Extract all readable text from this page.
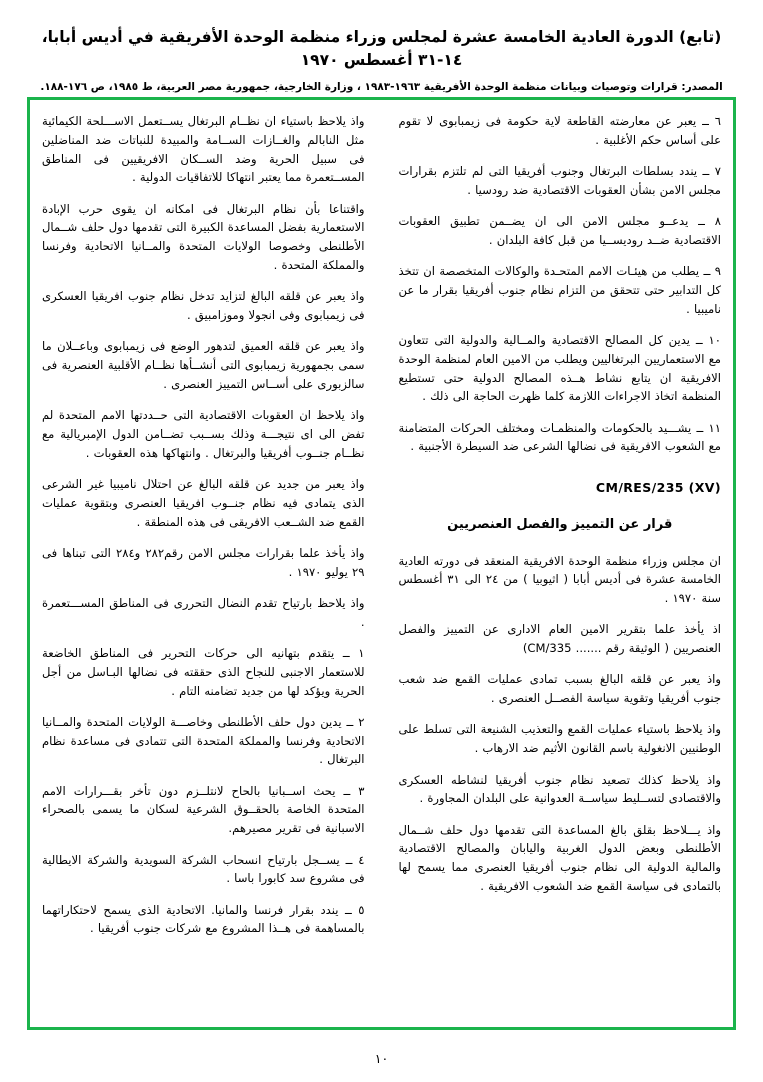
(تابع) الدورة العادية الخامسة عشرة لمجلس وزراء منظمة الوحدة الأفريقية في أديس أبابا، ١٤-٣١ أغسطس ١٩٧٠
المصدر: قرارات وتوصيات وبيانات منظمة الوحدة الأفريقية ١٩٦٣-١٩٨٣ ، وزارة الخارجية، جمهورية مصر العربية، ط ١٩٨٥، ص ١٧٦-١٨٨.

٦ ــ يعبر عن معارضته القاطعة لاية حكومة فى زيمبابوى لا تقوم على أساس حكم الأغلبية .

٧ ــ يندد بسلطات البرتغال وجنوب أفريقيا التى لم تلتزم بقرارات مجلس الامن بشأن العقوبات الاقتصادية ضد رودسيا .

٨ ــ يدعــو مجلس الامن الى ان يضــمن تطبيق العقوبات الاقتصادية ضــد روديســيا من قبل كافة البلدان .

٩ ــ يطلب من هيئـات الامم المتحـدة والوكالات المتخصصة ان تتخذ كل التدابير حتى تتحقق من التزام نظام جنوب أفريقيا بقرار ما عن ناميبيا .

١٠ ــ يدين كل المصالح الاقتصادية والمــالية والدولية التى تتعاون مع الاستعماريين البرتغاليين ويطلب من الامين العام لمنظمة الوحدة الافريقية ان يتابع نشاط هــذه المصالح الدولية حتى تستطيع المنظمة اتخاذ الاجراءات اللازمة كلما ظهرت الحاجة الى ذلك .

١١ ــ يشـــيد بالحكومات والمنظمـات ومختلف الحركات المتضامنة مع الشعوب الافريقية فى نضالها الشرعى ضد السيطرة الأجنبية .

CM/RES/235 (XV)
قرار عن التمييز والفصل العنصريين

ان مجلس وزراء منظمة الوحدة الافريقية المنعقد فى دورته العادية الخامسة عشرة فى أديس أبابا ( اثيوبيا ) من ٢٤ الى ٣١ أغسطس سنة ١٩٧٠ .

اذ يأخذ علما بتقرير الامين العام الادارى عن التمييز والفصل العنصريين ( الوثيقة رقم ....... CM/335)

واذ يعبر عن قلقه البالغ بسبب تمادى عمليات القمع ضد شعب جنوب أفريقيا وتقوية سياسة الفصــل العنصرى .

واذ يلاحظ باستياء عمليات القمع والتعذيب الشنيعة التى تسلط على الوطنيين الانغولية باسم القانون الأثيم ضد الارهاب .

واذ يلاحظ كذلك تصعيد نظام جنوب أفريقيا لنشاطه العسكرى والاقتصادى لتســليط سياســة العدوانية على البلدان المجاورة .

واذ يـــلاحظ بقلق بالغ المساعدة التى تقدمها دول حلف شــمال الأطلنطى وبعض الدول الغربية واليابان والمصالح الاقتصادية والمالية الدولية الى نظام جنوب أفريقيا العنصرى مما يسمح لها بالتمادى فى سياسة القمع ضد الشعوب الافريقية .

واذ يلاحظ باستياء ان نظــام البرتغال يســتعمل الاســـلحة الكيمائية مثل النابالم والغــازات الســامة والمبيدة للنباتات ضد المناضلين فى سبيل الحرية وضد الســكان الافريقيين فى المناطق المســتعمرة مما يعتبر انتهاكا للاتفاقيات الدولية .

واقتناعا بأن نظام البرتغال فى امكانه ان يقوى حرب الإبادة الاستعمارية بفضل المساعدة الكبيرة التى تقدمها دول حلف شــمال الأطلنطى وخصوصا الولايات المتحدة والمــانيا الاتحادية وفرنسا والمملكة المتحدة .

واذ يعبر عن قلقه البالغ لتزايد تدخل نظام جنوب افريقيا العسكرى فى زيمبابوى وفى انجولا وموزامبيق .

واذ يعبر عن قلقه العميق لتدهور الوضع فى زيمبابوى وباعــلان ما سمى بجمهورية زيمبابوى التى أنشــأها نظــام الأقلبية العنصرية فى سالزبورى على أســاس التمييز العنصرى .

واذ يلاحظ ان العقوبات الاقتصادية التى حــددتها الامم المتحدة لم تفض الى اى نتيجـــة وذلك بســبب تضــامن الدول الإمبريالية مع نظــام جنــوب أفريقيا والبرتغال . وانتهاكها هذه العقوبات .

واذ يعبر من جديد عن قلقه البالغ عن احتلال ناميبيا غير الشرعى الذى يتمادى فيه نظام جنــوب افريقيا العنصرى وبتقوية عمليات القمع ضد الشــعب الافريقى فى هذه المنطقة .

واذ يأخذ علما بقرارات مجلس الامن رقم٢٨٢ و٢٨٤ التى تبناها فى ٢٩ يوليو ١٩٧٠ .

واذ يلاحظ بارتياح تقدم النضال التحررى فى المناطق المســـتعمرة .

١ ــ يتقدم بتهانيه الى حركات التحرير فى المناطق الخاضعة للاستعمار الاجنبى للنجاح الذى حققته فى نضالها البـاسل من أجل الحرية ويؤكد لها من جديد تضامنه التام .

٢ ــ يدين دول حلف الأطلنطى وخاصـــة الولايات المتحدة والمــانيا الاتحادية وفرنسا والمملكة المتحدة التى تتمادى فى مساعدة نظام البرتغال .

٣ ــ يحث اســبانيا بالحاح لانتلــزم دون تأخر بقـــرارات الامم المتحدة الخاصة بالحقــوق الشرعية لسكان ما يسمى بالصحراء الاسبانية فى تقرير مصيرهم.

٤ ــ يســجل بارتياح انسحاب الشركة السويدية والشركة الايطالية فى مشروع سد كابورا باسا .

٥ ــ يندد بقرار فرنسا والمانيا. الاتحادية الذى يسمح لاحتكاراتهما بالمساهمة فى هــذا المشروع مع شركات جنوب أفريقيا .

١٠
